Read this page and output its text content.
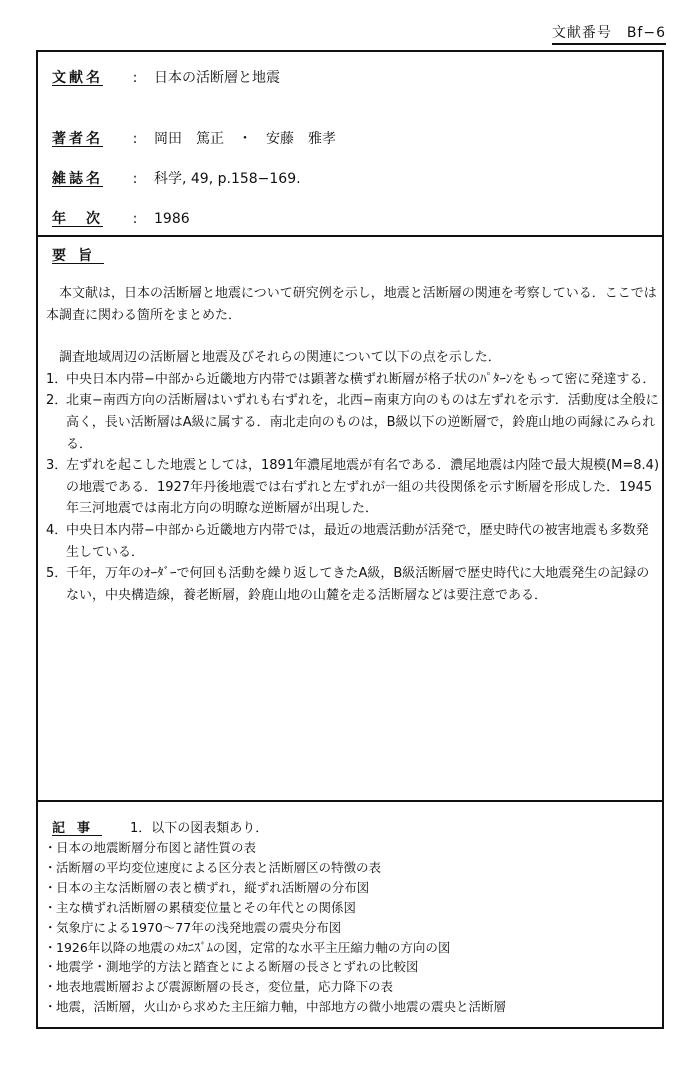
文献番号　Bf−6
文献名 : 日本の活断層と地震
著者名 : 岡田　篤正　・　安藤　雅孝
雑誌名 : 科学, 49, p.158−169.
年　次 : 1986
要旨

本文献は，日本の活断層と地震について研究例を示し，地震と活断層の関連を考察している．ここでは本調査に関わる箇所をまとめた．

調査地域周辺の活断層と地震及びそれらの関連について以下の点を示した．

1．
中央日本内帯−中部から近畿地方内帯では顕著な横ずれ断層が格子状のﾊﾟﾀｰﾝをもって密に発達する．
2．
北東−南西方向の活断層はいずれも右ずれを，北西−南東方向のものは左ずれを示す．活動度は全般に高く，長い活断層はA級に属する．南北走向のものは，B級以下の逆断層で，鈴鹿山地の両縁にみられる．
3．
左ずれを起こした地震としては，1891年濃尾地震が有名である．濃尾地震は内陸で最大規模(M=8.4)の地震である．1927年丹後地震では右ずれと左ずれが一組の共役関係を示す断層を形成した．1945年三河地震では南北方向の明瞭な逆断層が出現した．
4．
中央日本内帯−中部から近畿地方内帯では，最近の地震活動が活発で，歴史時代の被害地震も多数発生している．
5．
千年，万年のｵｰﾀﾞｰで何回も活動を繰り返してきたA級，B級活断層で歴史時代に大地震発生の記録のない，中央構造線，養老断層，鈴鹿山地の山麓を走る活断層などは要注意である．
記事 1．以下の図表類あり．
・ 日本の地震断層分布図と諸性質の表
・ 活断層の平均変位速度による区分表と活断層区の特徴の表
・ 日本の主な活断層の表と横ずれ，縦ずれ活断層の分布図
・ 主な横ずれ活断層の累積変位量とその年代との関係図
・ 気象庁による1970〜77年の浅発地震の震央分布図
・ 1926年以降の地震のﾒｶﾆｽﾞﾑの図，定常的な水平主圧縮力軸の方向の図
・ 地震学・測地学的方法と踏査とによる断層の長さとずれの比較図
・ 地表地震断層および震源断層の長さ，変位量，応力降下の表
・ 地震，活断層，火山から求めた主圧縮力軸，中部地方の微小地震の震央と活断層
